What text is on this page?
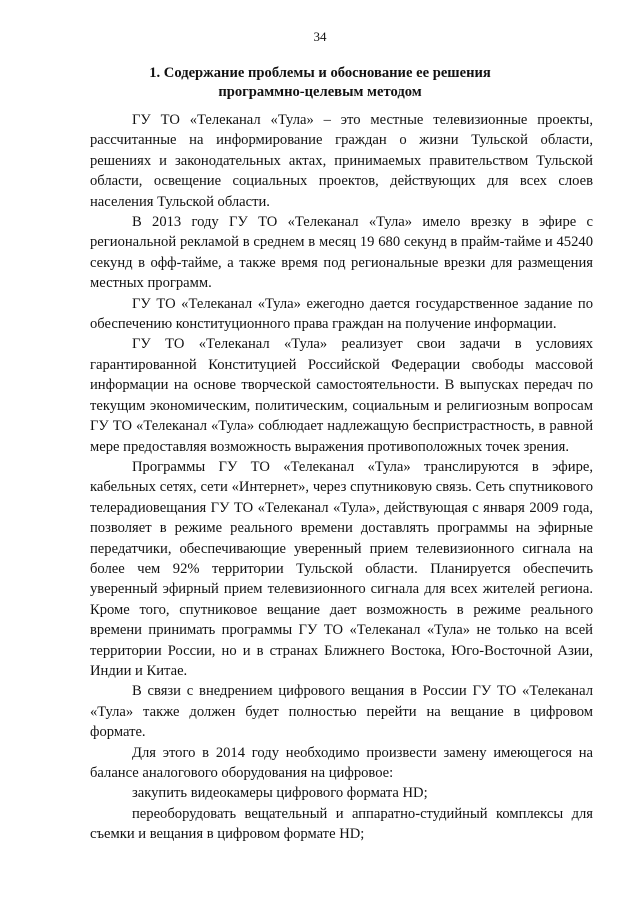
34
1. Содержание проблемы и обоснование ее решения
программно-целевым методом

ГУ ТО «Телеканал «Тула» – это местные телевизионные проекты, рассчитанные на информирование граждан о жизни Тульской области, решениях и законодательных актах, принимаемых правительством Тульской области, освещение социальных проектов, действующих для всех слоев населения Тульской области.

В 2013 году ГУ ТО «Телеканал «Тула» имело врезку в эфире с региональной рекламой в среднем в месяц 19 680 секунд в прайм-тайме и 45240 секунд в офф-тайме, а также время под региональные врезки для размещения местных программ.

ГУ ТО «Телеканал «Тула» ежегодно дается государственное задание по обеспечению конституционного права граждан на получение информации.

ГУ ТО «Телеканал «Тула» реализует свои задачи в условиях гарантированной Конституцией Российской Федерации свободы массовой информации на основе творческой самостоятельности. В выпусках передач по текущим экономическим, политическим, социальным и религиозным вопросам ГУ ТО «Телеканал «Тула» соблюдает надлежащую беспристрастность, в равной мере предоставляя возможность выражения противоположных точек зрения.

Программы ГУ ТО «Телеканал «Тула» транслируются в эфире, кабельных сетях, сети «Интернет», через спутниковую связь. Сеть спутникового телерадиовещания ГУ ТО «Телеканал «Тула», действующая с января 2009 года, позволяет в режиме реального времени доставлять программы на эфирные передатчики, обеспечивающие уверенный прием телевизионного сигнала на более чем 92% территории Тульской области. Планируется обеспечить уверенный эфирный прием телевизионного сигнала для всех жителей региона. Кроме того, спутниковое вещание дает возможность в режиме реального времени принимать программы ГУ ТО «Телеканал «Тула» не только на всей территории России, но и в странах Ближнего Востока, Юго-Восточной Азии, Индии и Китае.

В связи с внедрением цифрового вещания в России ГУ ТО «Телеканал «Тула» также должен будет полностью перейти на вещание в цифровом формате.

Для этого в 2014 году необходимо произвести замену имеющегося на балансе аналогового оборудования на цифровое:

закупить видеокамеры цифрового формата HD;

переоборудовать вещательный и аппаратно-студийный комплексы для съемки и вещания в цифровом формате HD;
